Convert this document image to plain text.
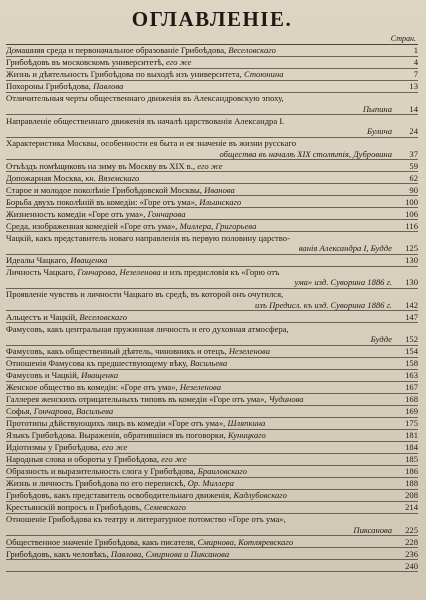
ОГЛАВЛЕНІЕ.
Стран.
Домашняя среда и первоначальное образованіе Грибоѣдова, Веселовскаго	1
Грибоѣдовъ въ московскомъ университетѣ, его же	4
Жизнь и дѣятельность Грибоѣдова по выходѣ изъ университета, Стоюнина	7
Похороны Грибоѣдова, Павлова	13
Отличительныя черты общественнаго движенія въ Александровскую эпоху,
Пыпина	14
Направленіе общественнаго движенія въ началѣ царствованія Александра I.
Булича	24
Характеристика Москвы, особенности ея быта и ея значеніе въ жизни русскаго
общества въ началѣ XIX столѣтія, Дубровина	37
Отъѣздъ помѣщиковъ на зиму въ Москву въ XIX в., его же	59
Допожарная Москва, кн. Вяземскаго	62
Старое и молодое поколѣніе Грибоѣдовской Москвы, Иванова	90
Борьба двухъ поколѣній въ комедіи: «Горе отъ ума», Ильинскаго	100
Жизненность комедіи «Горе отъ ума», Гончарова	106
Среда, изображенная комедіей «Горе отъ ума», Миллера, Григорьева	116
Чацкій, какъ представитель новаго направленія въ первую половину царство-
ванія Александра I, Будде	125
Идеалы Чацкаго, Иващенка	130
Личность Чацкаго, Гончарова, Незеленова и изъ предисловія къ «Горю отъ
ума» изд. Суворина 1886 г.	130
Проявленіе чувствъ и личности Чацкаго въ средѣ, въ которой онъ очутился,
изъ Предисл. къ изд. Суворина 1886 г.	142
Альцестъ и Чацкій, Веселовскаго	147
Фамусовъ, какъ центральная пружинная личность и его духовная атмосфера,
Будде	152
Фамусовъ, какъ общественный дѣятель, чиновникъ и отецъ, Незеленова	154
Отношенія Фамусова къ предшествующему вѣку, Васильева	158
Фамусовъ и Чацкій, Иващенка	163
Женское общество въ комедіи: «Горе отъ ума», Незеленова	167
Галлерея женскихъ отрицательныхъ типовъ въ комедіи «Горе отъ ума», Чудинова	168
Софья, Гончарова, Васильева	169
Прототипы дѣйствующихъ лицъ въ комедіи «Горе отъ ума», Шляпкина	175
Языкъ Грибоѣдова. Выраженія, обратившіяся въ поговорки, Куницкаго	181
Идіотизмы у Грибоѣдова, его же	184
Народныя слова и обороты у Грибоѣдова, его же	185
Образность и выразительность слога у Грибоѣдова, Браиловскаго	186
Жизнь и личность Грибоѣдова по его перепискѣ, Ор. Миллера	188
Грибоѣдовъ, какъ представитель освободительнаго движенія, Кадлубовскаго	208
Крестьянскій вопросъ и Грибоѣдовъ, Семевскаго	214
Отношеніе Грибоѣдова къ театру и литературное потомство «Горе отъ ума»,
Пиксанова	225
Общественное значеніе Грибоѣдова, какъ писателя, Смирнова, Котляревскаго	228
Грибоѣдовъ, какъ человѣкъ, Павлова, Смирнова и Пиксанова	236
240
